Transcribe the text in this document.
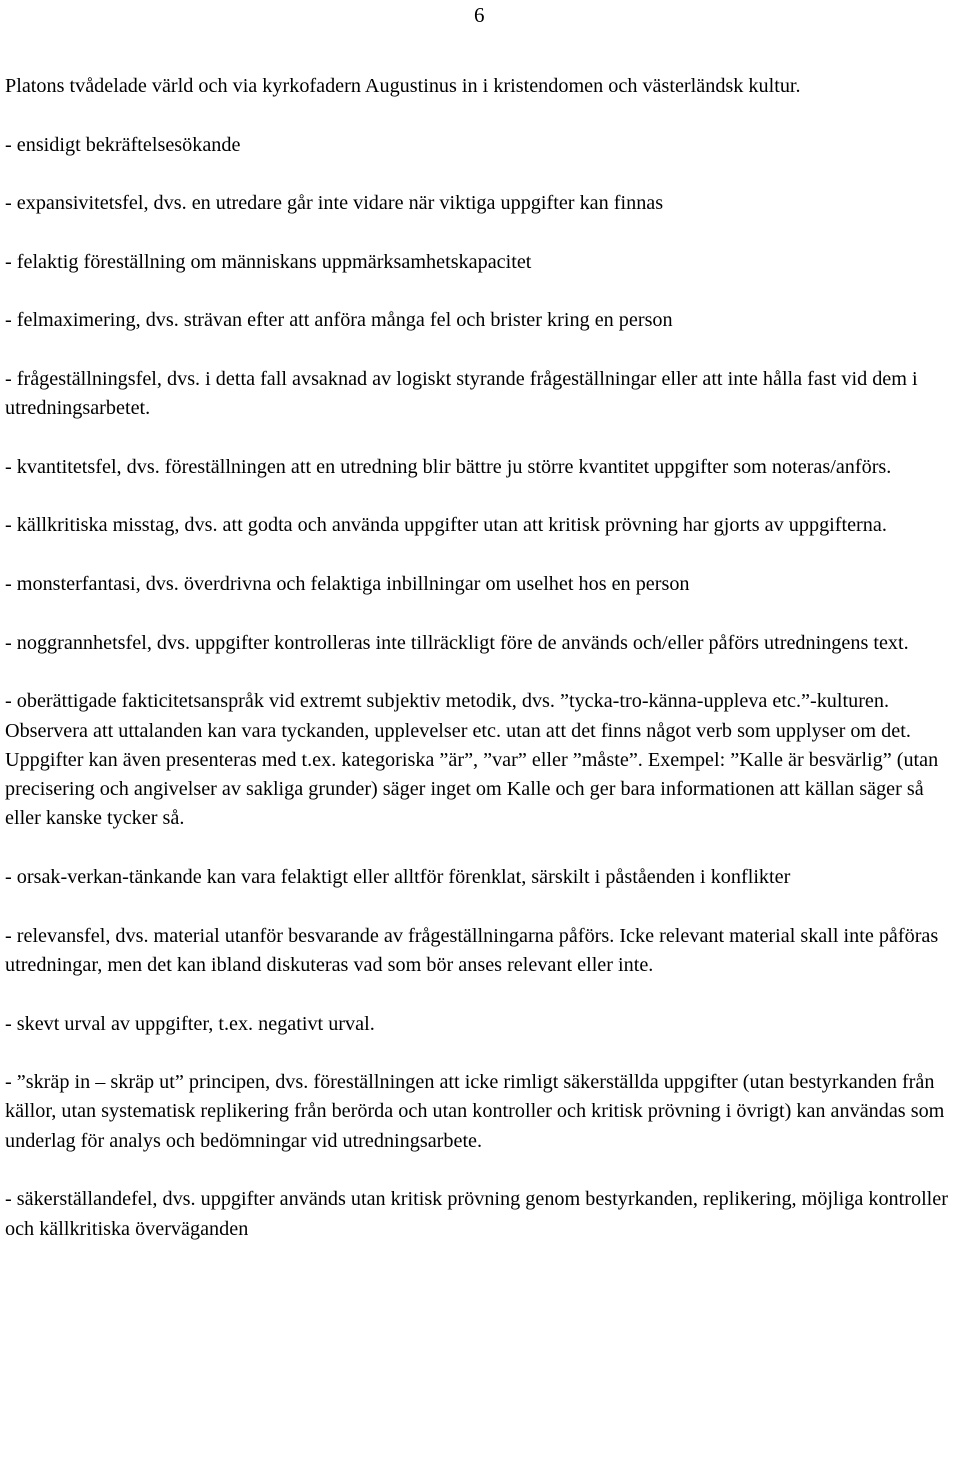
6

Platons tvådelade värld och via kyrkofadern Augustinus in i kristendomen och västerländsk kultur.

- ensidigt bekräftelsesökande

- expansivitetsfel, dvs. en utredare går inte vidare när viktiga uppgifter kan finnas

- felaktig föreställning om människans uppmärksamhetskapacitet

- felmaximering, dvs. strävan efter att anföra många fel och brister kring en person

- frågeställningsfel, dvs. i detta fall avsaknad av logiskt styrande frågeställningar eller att inte hålla fast vid dem i utredningsarbetet.

- kvantitetsfel, dvs. föreställningen att en utredning blir bättre ju större kvantitet uppgifter som noteras/anförs.

- källkritiska misstag, dvs. att godta och använda uppgifter utan att kritisk prövning har gjorts av uppgifterna.

- monsterfantasi, dvs. överdrivna och felaktiga inbillningar om uselhet hos en person

- noggrannhetsfel, dvs. uppgifter kontrolleras inte tillräckligt före de används och/eller påförs utredningens text.

- oberättigade fakticitetsanspråk vid extremt subjektiv metodik, dvs. ”tycka-tro-känna-uppleva etc.”-kulturen. Observera att uttalanden kan vara tyckanden, upplevelser etc. utan att det finns något verb som upplyser om det. Uppgifter kan även presenteras med t.ex. kategoriska ”är”, ”var” eller ”måste”. Exempel: ”Kalle är besvärlig” (utan precisering och angivelser av sakliga grunder) säger inget om Kalle och ger bara informationen att källan säger så eller kanske tycker så.

- orsak-verkan-tänkande kan vara felaktigt eller alltför förenklat, särskilt i påståenden i konflikter

- relevansfel, dvs. material utanför besvarande av frågeställningarna påförs. Icke relevant material skall inte påföras utredningar, men det kan ibland diskuteras vad som bör anses relevant eller inte.

- skevt urval av uppgifter, t.ex. negativt urval.

- ”skräp in – skräp ut” principen, dvs. föreställningen att icke rimligt säkerställda uppgifter (utan bestyrkanden från källor, utan systematisk replikering från berörda och utan kontroller och kritisk prövning i övrigt) kan användas som underlag för analys och bedömningar vid utredningsarbete.

- säkerställandefel, dvs. uppgifter används utan kritisk prövning genom bestyrkanden, replikering, möjliga kontroller och källkritiska överväganden
